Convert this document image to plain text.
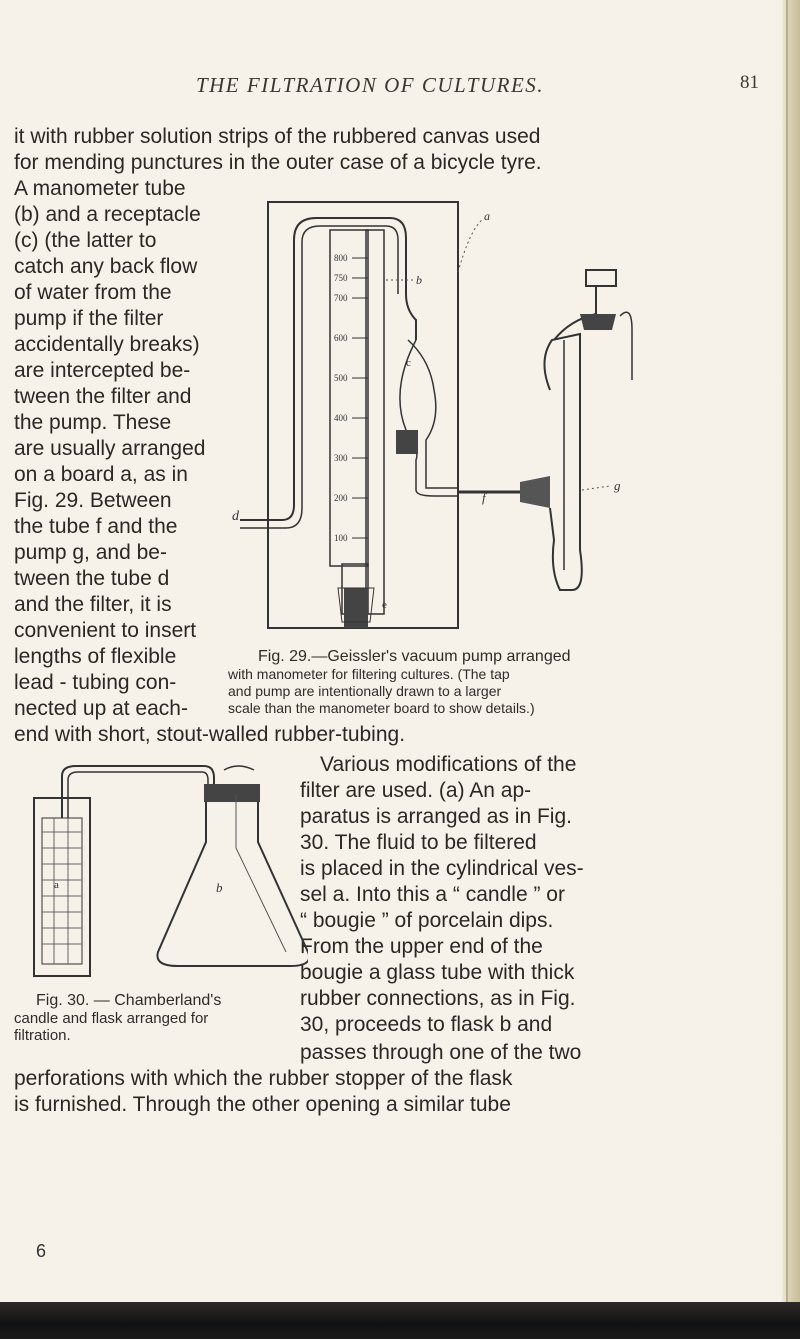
THE FILTRATION OF CULTURES.	81
it with rubber solution strips of the rubbered canvas used
for mending punctures in the outer case of a bicycle tyre.
A manometer tube
(b) and a receptacle
(c) (the latter to
catch any back flow
of water from the
pump if the filter
accidentally breaks)
are intercepted be-
tween the filter and
the pump. These
are usually arranged
on a board a, as in
Fig. 29. Between
the tube f and the
pump g, and be-
tween the tube d
and the filter, it is
convenient to insert
lengths of flexible
lead - tubing con-
nected up at each-
end with short, stout-walled rubber-tubing.
Various modifications of the
filter are used. (a) An ap-
paratus is arranged as in Fig.
30. The fluid to be filtered
is placed in the cylindrical ves-
sel a. Into this a “ candle ” or
“ bougie ” of porcelain dips.
From the upper end of the
bougie a glass tube with thick
rubber connections, as in Fig.
30, proceeds to flask b and
passes through one of the two
perforations with which the rubber stopper of the flask
is furnished. Through the other opening a similar tube
800
750
700
600
500
400
300
200
100
a
b
c
d
e
f
g
Fig. 29.—Geissler's vacuum pump arranged
with manometer for filtering cultures. (The tap
and pump are intentionally drawn to a larger
scale than the manometer board to show details.)
a	b
Fig. 30. — Chamberland's
candle and flask arranged for
filtration.
6
